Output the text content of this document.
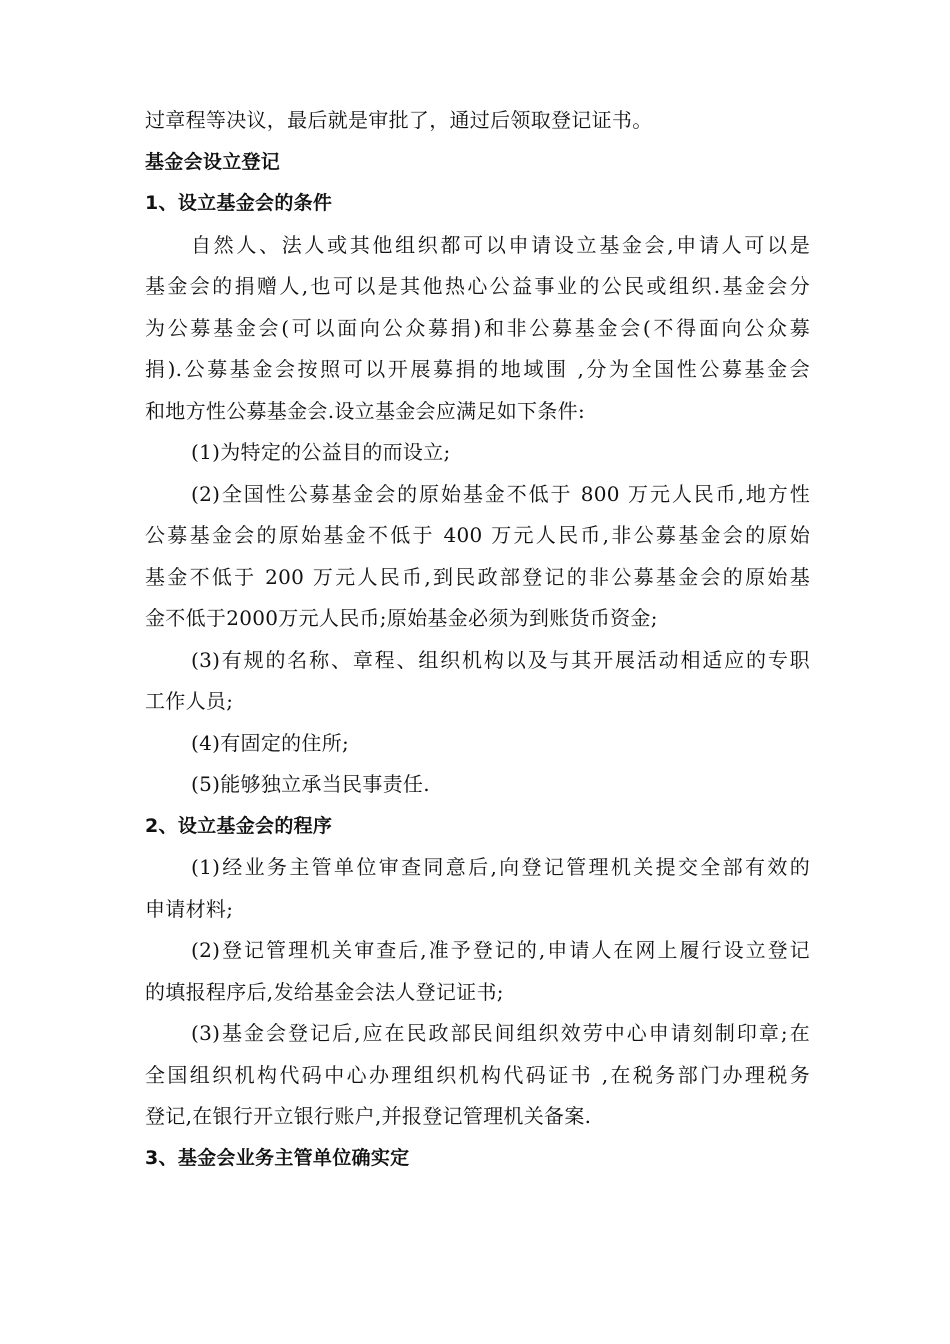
过章程等决议，最后就是审批了，通过后领取登记证书。
基金会设立登记
1、设立基金会的条件
自然人、法人或其他组织都可以申请设立基金会,申请人可以是
基金会的捐赠人,也可以是其他热心公益事业的公民或组织.基金会分
为公募基金会(可以面向公众募捐)和非公募基金会(不得面向公众募
捐).公募基金会按照可以开展募捐的地域围 ,分为全国性公募基金会
和地方性公募基金会.设立基金会应满足如下条件:
(1)为特定的公益目的而设立;
(2)全国性公募基金会的原始基金不低于 800 万元人民币,地方性
公募基金会的原始基金不低于 400 万元人民币,非公募基金会的原始
基金不低于 200 万元人民币,到民政部登记的非公募基金会的原始基
金不低于2000万元人民币;原始基金必须为到账货币资金;
(3)有规的名称、章程、组织机构以及与其开展活动相适应的专职
工作人员;
(4)有固定的住所;
(5)能够独立承当民事责任.
2、设立基金会的程序
(1)经业务主管单位审查同意后,向登记管理机关提交全部有效的
申请材料;
(2)登记管理机关审查后,准予登记的,申请人在网上履行设立登记
的填报程序后,发给基金会法人登记证书;
(3)基金会登记后,应在民政部民间组织效劳中心申请刻制印章;在
全国组织机构代码中心办理组织机构代码证书 ,在税务部门办理税务
登记,在银行开立银行账户,并报登记管理机关备案.
3、基金会业务主管单位确实定
